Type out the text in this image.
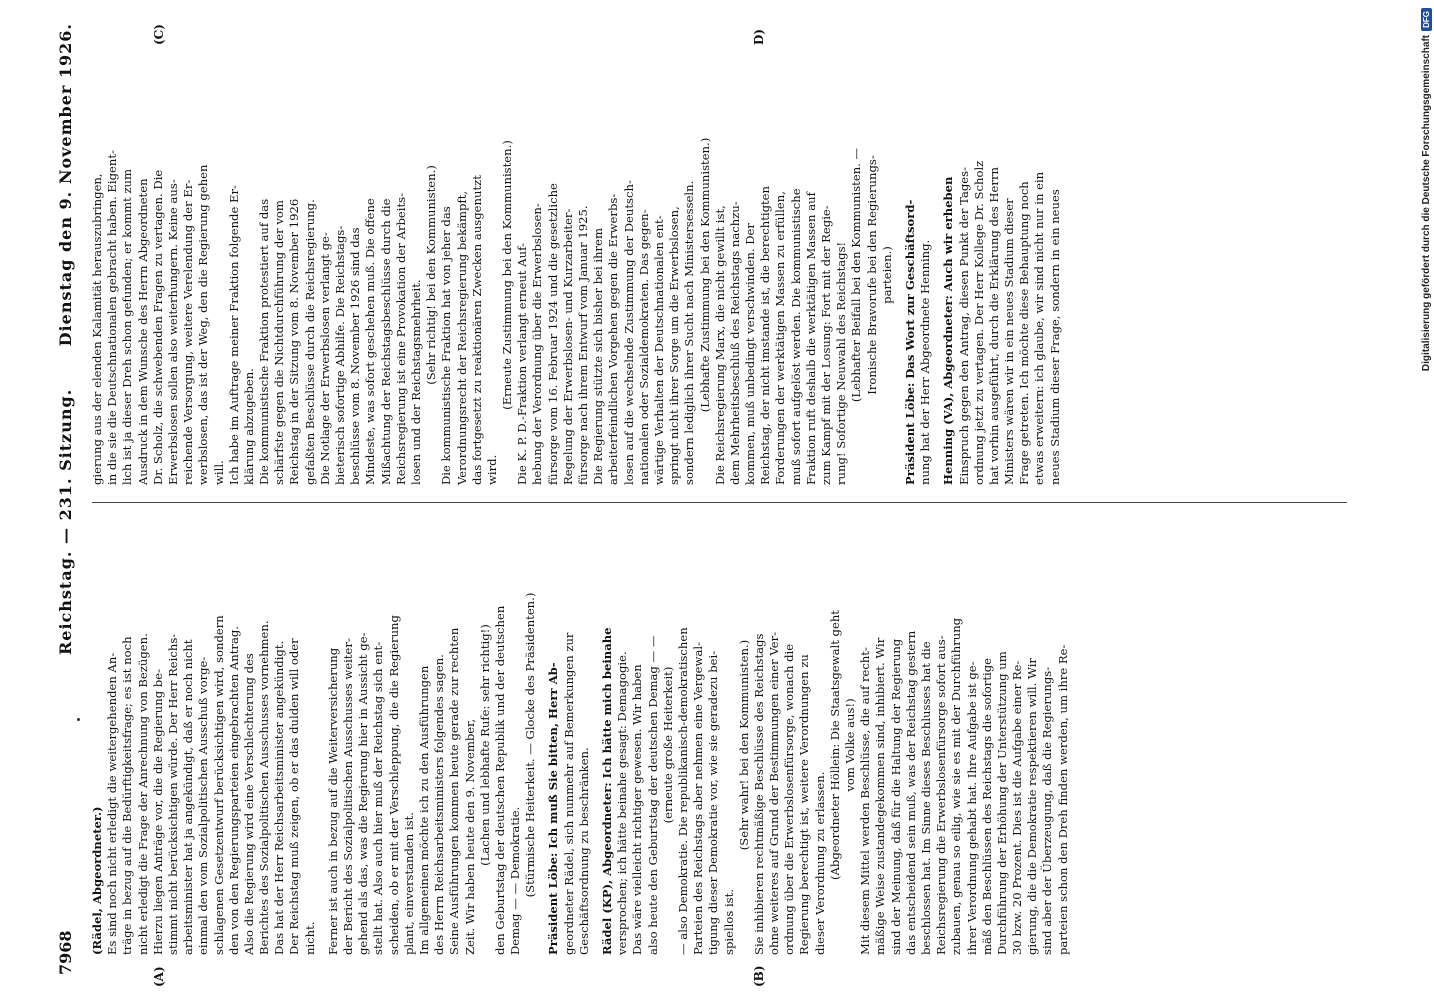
7968
Reichstag. — 231. Sitzung.
Dienstag den 9. November 1926.
(A)	(B)
(C)	D)
(Rädel, Abgeordneter.) Es sind noch nicht erledigt die weitergehenden An- träge in bezug auf die Bedürftigkeitsfrage; es ist noch nicht erledigt die Frage der Anrechnung von Bezügen. Hierzu liegen Anträge vor, die die Regierung be- stimmt nicht berücksichtigen würde. Der Herr Reichs- arbeitsminister hat ja angekündigt, daß er noch nicht einmal den vom Sozialpolitischen Ausschuß vorge- schlagenen Gesetzentwurf berücksichtigen wird, sondern den von den Regierungsparteien eingebrachten Antrag. Also die Regierung wird eine Verschlechterung des Berichtes des Sozialpolitischen Ausschusses vornehmen. Das hat der Herr Reichsarbeitsminister angekündigt. Der Reichstag muß zeigen, ob er das dulden will oder nicht. Ferner ist auch in bezug auf die Weiterversicherung der Bericht des Sozialpolitischen Ausschusses weiter- gehend als das, was die Regierung hier in Aussicht ge- stellt hat. Also auch hier muß der Reichstag sich ent- scheiden, ob er mit der Verschleppung, die die Regierung plant, einverstanden ist. Im allgemeinen möchte ich zu den Ausführungen des Herrn Reichsarbeitsministers folgendes sagen. Seine Ausführungen kommen heute gerade zur rechten Zeit. Wir haben heute den 9. November, (Lachen und lebhafte Rufe: sehr richtig!) den Geburtstag der deutschen Republik und der deutschen Demag — — Demokratie. (Stürmische Heiterkeit. — Glocke des Präsidenten.) Präsident Löbe: Ich muß Sie bitten, Herr Ab- geordneter Rädel, sich nunmehr auf Bemerkungen zur Geschäftsordnung zu beschränken. Rädel (KP), Abgeordneter: Ich hätte mich beinahe versprochen; ich hätte beinahe gesagt: Demagogie. Das wäre vielleicht richtiger gewesen. Wir haben also heute den Geburtstag der deutschen Demag — — (erneute große Heiterkeit) — also Demokratie. Die republikanisch-demokratischen Parteien des Reichstags aber nehmen eine Vergewal- tigung dieser Demokratie vor, wie sie geradezu bei- spiellos ist.
(Sehr wahr! bei den Kommunisten.) Sie inhibieren rechtmäßige Beschlüsse des Reichstags ohne weiteres auf Grund der Bestimmungen einer Ver- ordnung über die Erwerbslosenfürsorge, wonach die Regierung berechtigt ist, weitere Verordnungen zu dieser Verordnung zu erlassen. (Abgeordneter Höllein: Die Staatsgewalt geht vom Volke aus!) Mit diesem Mittel werden Beschlüsse, die auf recht- mäßige Weise zustandegekommen sind, inhibiert. Wir sind der Meinung, daß für die Haltung der Regierung das entscheidend sein muß, was der Reichstag gestern beschlossen hat. Im Sinne dieses Beschlusses hat die Reichsregierung die Erwerbslosenfürsorge sofort aus- zubauen, genau so eilig, wie sie es mit der Durchführung ihrer Verordnung gehabt hat. Ihre Aufgabe ist ge- mäß den Beschlüssen des Reichstags die sofortige Durchführung der Erhöhung der Unterstützung um 30 bzw. 20 Prozent. Dies ist die Aufgabe einer Re- gierung, die die Demokratie respektieren will. Wir sind aber der Überzeugung, daß die Regierungs- parteien schon den Dreh finden werden, um ihre Re-
gierung aus der elenden Kalamität herauszubringen, in die sie die Deutschnationalen gebracht haben. Eigent- lich ist ja dieser Dreh schon gefunden; er kommt zum Ausdruck in dem Wunsche des Herrn Abgeordneten Dr. Scholz, die schwebenden Fragen zu vertagen. Die Erwerbslosen sollen also weiterhungern. Keine aus- reichende Versorgung, weitere Verelendung der Er- werbslosen, das ist der Weg, den die Regierung gehen will. Ich habe im Auftrage meiner Fraktion folgende Er- klärung abzugeben. Die kommunistische Fraktion protestiert auf das schärfste gegen die Nichtdurchführung der vom Reichstag in der Sitzung vom 8. November 1926 gefaßten Beschlüsse durch die Reichsregierung. Die Notlage der Erwerbslosen verlangt ge- bieterisch sofortige Abhilfe. Die Reichstags- beschlüsse vom 8. November 1926 sind das Mindeste, was sofort geschehen muß. Die offene Mißachtung der Reichstagsbeschlüsse durch die Reichsregierung ist eine Provokation der Arbeits- losen und der Reichstagsmehrheit. (Sehr richtig! bei den Kommunisten.) Die kommunistische Fraktion hat von jeher das Verordnungsrecht der Reichsregierung bekämpft, das fortgesetzt zu reaktionären Zwecken ausgenutzt wird.
(Erneute Zustimmung bei den Kommunisten.) Die K. P. D.-Fraktion verlangt erneut Auf- hebung der Verordnung über die Erwerbslosen- fürsorge vom 16. Februar 1924 und die gesetzliche Regelung der Erwerbslosen- und Kurzarbeiter- fürsorge nach ihrem Entwurf vom Januar 1925. Die Regierung stützte sich bisher bei ihrem arbeiterfeindlichen Vorgehen gegen die Erwerbs- losen auf die wechselnde Zustimmung der Deutsch- nationalen oder Sozialdemokraten. Das gegen- wärtige Verhalten der Deutschnationalen ent- springt nicht ihrer Sorge um die Erwerbslosen, sondern lediglich ihrer Sucht nach Ministersesseln. (Lebhafte Zustimmung bei den Kommunisten.) Die Reichsregierung Marx, die nicht gewillt ist, dem Mehrheitsbeschluß des Reichstags nachzu- kommen, muß unbedingt verschwinden. Der Reichstag, der nicht imstande ist, die berechtigten Forderungen der werktätigen Massen zu erfüllen, muß sofort aufgelöst werden. Die kommunistische Fraktion ruft deshalb die werktätigen Massen auf zum Kampf mit der Losung: Fort mit der Regie- rung! Sofortige Neuwahl des Reichstags! (Lebhafter Beifall bei den Kommunisten. — Ironische Bravorufe bei den Regierungs- parteien.) Präsident Löbe: Das Wort zur Geschäftsord- nung hat der Herr Abgeordnete Henning. Henning (VA), Abgeordneter: Auch wir erheben Einspruch gegen den Antrag, diesen Punkt der Tages- ordnung jetzt zu vertagen. Der Herr Kollege Dr. Scholz hat vorhin ausgeführt, durch die Erklärung des Herrn Ministers wären wir in ein neues Stadium dieser Frage getreten. Ich möchte diese Behauptung noch etwas erweitern: ich glaube, wir sind nicht nur in ein neues Stadium dieser Frage, sondern in ein neues	Digitalisierung gefördert durch die Deutsche Forschungsgemeinschaft
DFG
